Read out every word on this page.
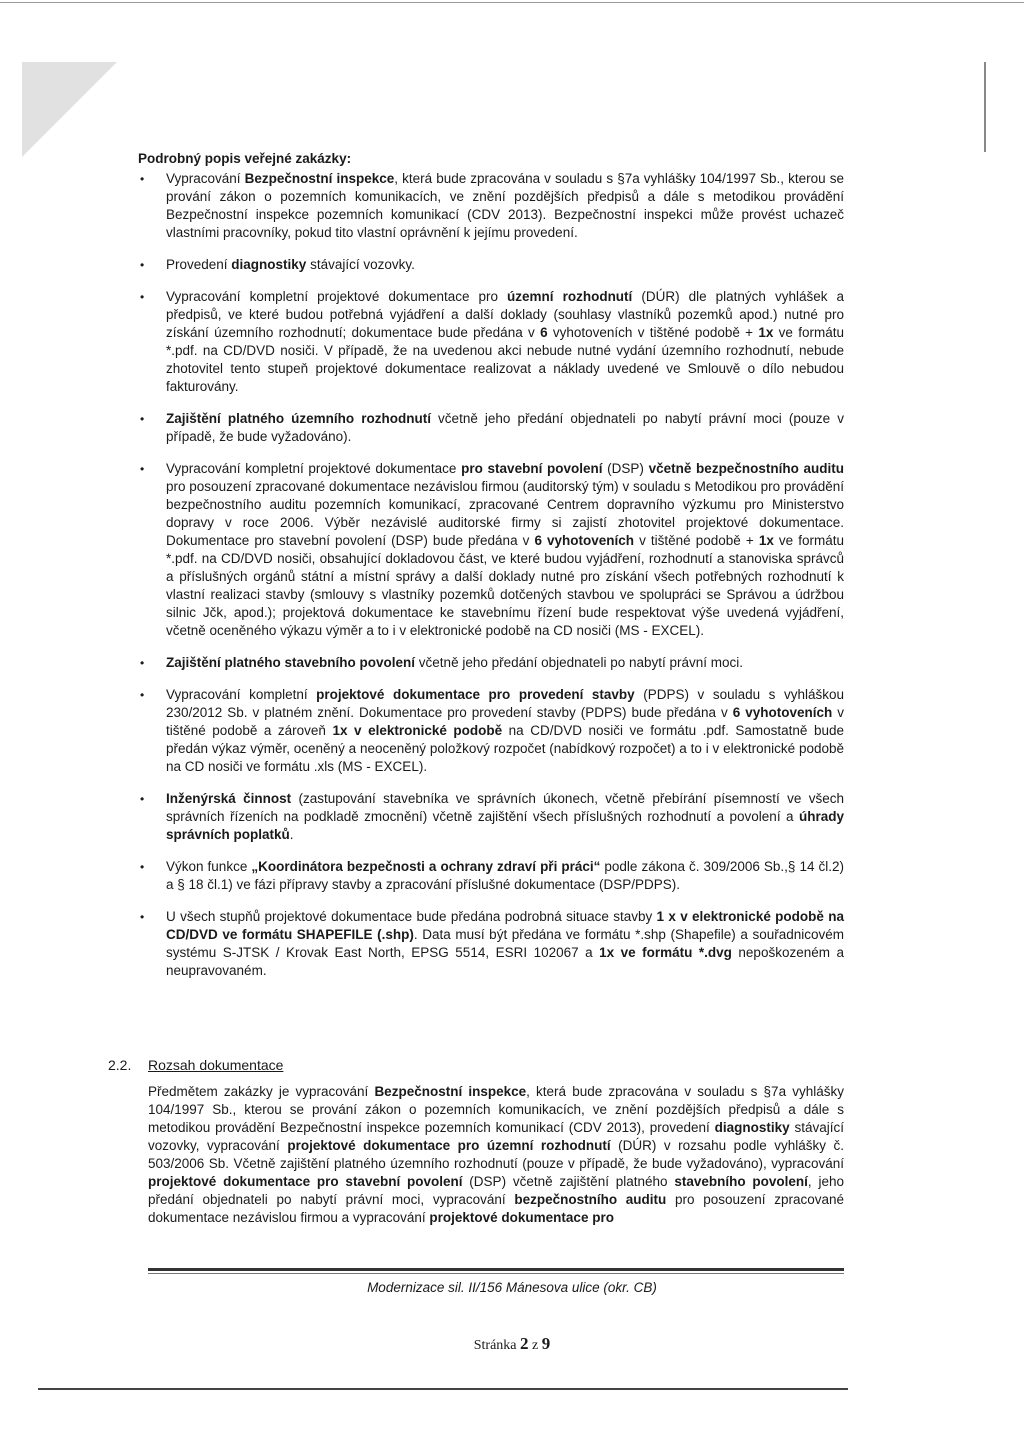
Podrobný popis veřejné zakázky:
• Vypracování Bezpečnostní inspekce, která bude zpracována v souladu s §7a vyhlášky 104/1997 Sb., kterou se prování zákon o pozemních komunikacích, ve znění pozdějších předpisů a dále s metodikou provádění Bezpečnostní inspekce pozemních komunikací (CDV 2013). Bezpečnostní inspekci může provést uchazeč vlastními pracovníky, pokud tito vlastní oprávnění k jejímu provedení.
• Provedení diagnostiky stávající vozovky.
• Vypracování kompletní projektové dokumentace pro územní rozhodnutí (DÚR) dle platných vyhlášek a předpisů, ve které budou potřebná vyjádření a další doklady (souhlasy vlastníků pozemků apod.) nutné pro získání územního rozhodnutí; dokumentace bude předána v 6 vyhotoveních v tištěné podobě + 1x ve formátu *.pdf. na CD/DVD nosiči. V případě, že na uvedenou akci nebude nutné vydání územního rozhodnutí, nebude zhotovitel tento stupeň projektové dokumentace realizovat a náklady uvedené ve Smlouvě o dílo nebudou fakturovány.
• Zajištění platného územního rozhodnutí včetně jeho předání objednateli po nabytí právní moci (pouze v případě, že bude vyžadováno).
• Vypracování kompletní projektové dokumentace pro stavební povolení (DSP) včetně bezpečnostního auditu pro posouzení zpracované dokumentace nezávislou firmou (auditorský tým) v souladu s Metodikou pro provádění bezpečnostního auditu pozemních komunikací, zpracované Centrem dopravního výzkumu pro Ministerstvo dopravy v roce 2006. Výběr nezávislé auditorské firmy si zajistí zhotovitel projektové dokumentace. Dokumentace pro stavební povolení (DSP) bude předána v 6 vyhotoveních v tištěné podobě + 1x ve formátu *.pdf. na CD/DVD nosiči, obsahující dokladovou část, ve které budou vyjádření, rozhodnutí a stanoviska správců a příslušných orgánů státní a místní správy a další doklady nutné pro získání všech potřebných rozhodnutí k vlastní realizaci stavby (smlouvy s vlastníky pozemků dotčených stavbou ve spolupráci se Správou a údržbou silnic Jčk, apod.); projektová dokumentace ke stavebnímu řízení bude respektovat výše uvedená vyjádření, včetně oceněného výkazu výměr a to i v elektronické podobě na CD nosiči (MS - EXCEL).
• Zajištění platného stavebního povolení včetně jeho předání objednateli po nabytí právní moci.
• Vypracování kompletní projektové dokumentace pro provedení stavby (PDPS) v souladu s vyhláškou 230/2012 Sb. v platném znění. Dokumentace pro provedení stavby (PDPS) bude předána v 6 vyhotoveních v tištěné podobě a zároveň 1x v elektronické podobě na CD/DVD nosiči ve formátu .pdf. Samostatně bude předán výkaz výměr, oceněný a neoceněný položkový rozpočet (nabídkový rozpočet) a to i v elektronické podobě na CD nosiči ve formátu .xls (MS - EXCEL).
• Inženýrská činnost (zastupování stavebníka ve správních úkonech, včetně přebírání písemností ve všech správních řízeních na podkladě zmocnění) včetně zajištění všech příslušných rozhodnutí a povolení a úhrady správních poplatků.
• Výkon funkce „Koordinátora bezpečnosti a ochrany zdraví při práci“ podle zákona č. 309/2006 Sb.,§ 14 čl.2) a § 18 čl.1) ve fázi přípravy stavby a zpracování příslušné dokumentace (DSP/PDPS).
• U všech stupňů projektové dokumentace bude předána podrobná situace stavby 1 x v elektronické podobě na CD/DVD ve formátu SHAPEFILE (.shp). Data musí být předána ve formátu *.shp (Shapefile) a souřadnicovém systému S-JTSK / Krovak East North, EPSG 5514, ESRI 102067 a 1x ve formátu *.dvg nepoškozeném a neupravovaném.
2.2. Rozsah dokumentace
Předmětem zakázky je vypracování Bezpečnostní inspekce, která bude zpracována v souladu s §7a vyhlášky 104/1997 Sb., kterou se prování zákon o pozemních komunikacích, ve znění pozdějších předpisů a dále s metodikou provádění Bezpečnostní inspekce pozemních komunikací (CDV 2013), provedení diagnostiky stávající vozovky, vypracování projektové dokumentace pro územní rozhodnutí (DÚR) v rozsahu podle vyhlášky č. 503/2006 Sb. Včetně zajištění platného územního rozhodnutí (pouze v případě, že bude vyžadováno), vypracování projektové dokumentace pro stavební povolení (DSP) včetně zajištění platného stavebního povolení, jeho předání objednateli po nabytí právní moci, vypracování bezpečnostního auditu pro posouzení zpracované dokumentace nezávislou firmou a vypracování projektové dokumentace pro
Modernizace sil. II/156 Mánesova ulice (okr. CB)
Stránka 2 z 9
